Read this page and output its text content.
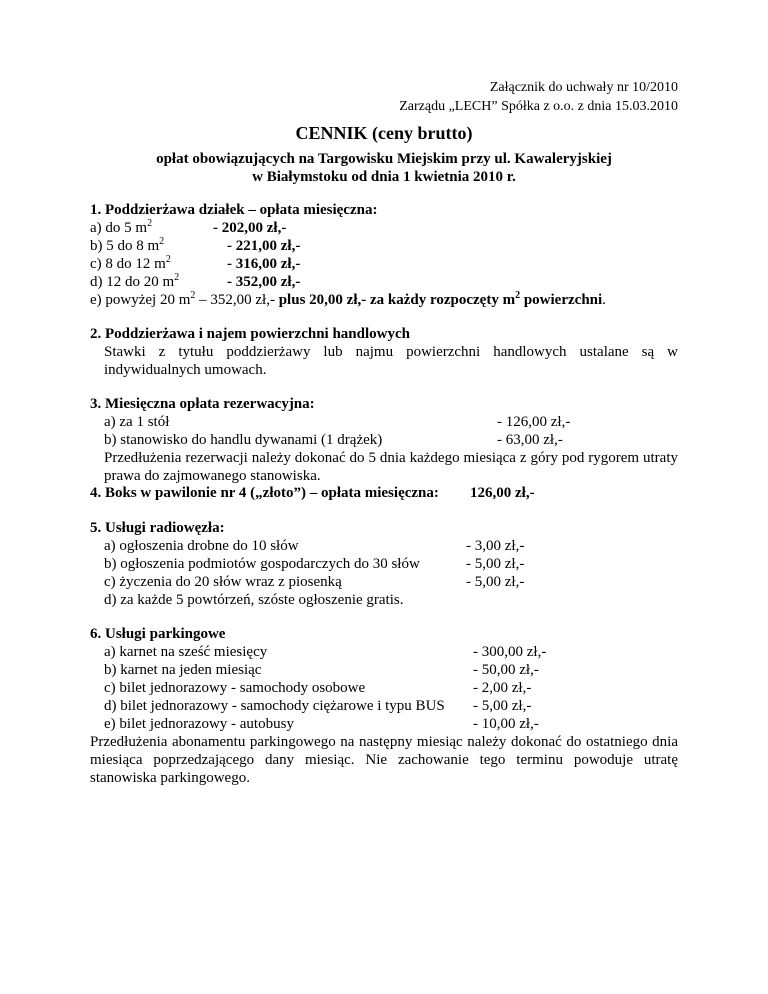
Załącznik do uchwały nr 10/2010
Zarządu „LECH” Spółka z o.o. z dnia 15.03.2010
CENNIK (ceny brutto)
opłat obowiązujących na Targowisku Miejskim przy ul. Kawaleryjskiej
w Białymstoku od dnia 1 kwietnia 2010 r.
1. Poddzierżawa działek – opłata miesięczna:
a) do 5 $m^2$	- 202,00 zł,-
b) 5 do 8 $m^2$	- 221,00 zł,-
c) 8 do 12 $m^2$	- 316,00 zł,-
d) 12 do 20 $m^2$	- 352,00 zł,-
e) powyżej 20 $m^2 - 352,00$ zł,- plus 20,00 zł,- za każdy rozpoczęty $m^2$ powierzchni.
2. Poddzierżawa i najem powierzchni handlowych
Stawki z tytułu poddzierżawy lub najmu powierzchni handlowych ustalane są w indywidualnych umowach.
3. Miesięczna opłata rezerwacyjna:
a) za 1 stół	- 126,00 zł,-
b) stanowisko do handlu dywanami (1 drążek)	- 63,00 zł,-
Przedłużenia rezerwacji należy dokonać do 5 dnia każdego miesiąca z góry pod rygorem utraty prawa do zajmowanego stanowiska.
4. Boks w pawilonie nr 4 („złoto”) – opłata miesięczna: 126,00 zł,-
5. Usługi radiowęzła:
a) ogłoszenia drobne do 10 słów	- 3,00 zł,-
b) ogłoszenia podmiotów gospodarczych do 30 słów	- 5,00 zł,-
c) życzenia do 20 słów wraz z piosenką	- 5,00 zł,-
d) za każde 5 powtórzeń, szóste ogłoszenie gratis.
6. Usługi parkingowe
a) karnet na sześć miesięcy	- 300,00 zł,-
b) karnet na jeden miesiąc	- 50,00 zł,-
c) bilet jednorazowy - samochody osobowe	- 2,00 zł,-
d) bilet jednorazowy - samochody ciężarowe i typu BUS - 5,00 zł,-
e) bilet jednorazowy - autobusy	- 10,00 zł,-
Przedłużenia abonamentu parkingowego na następny miesiąc należy dokonać do ostatniego dnia miesiąca poprzedzającego dany miesiąc. Nie zachowanie tego terminu powoduje utratę stanowiska parkingowego.
